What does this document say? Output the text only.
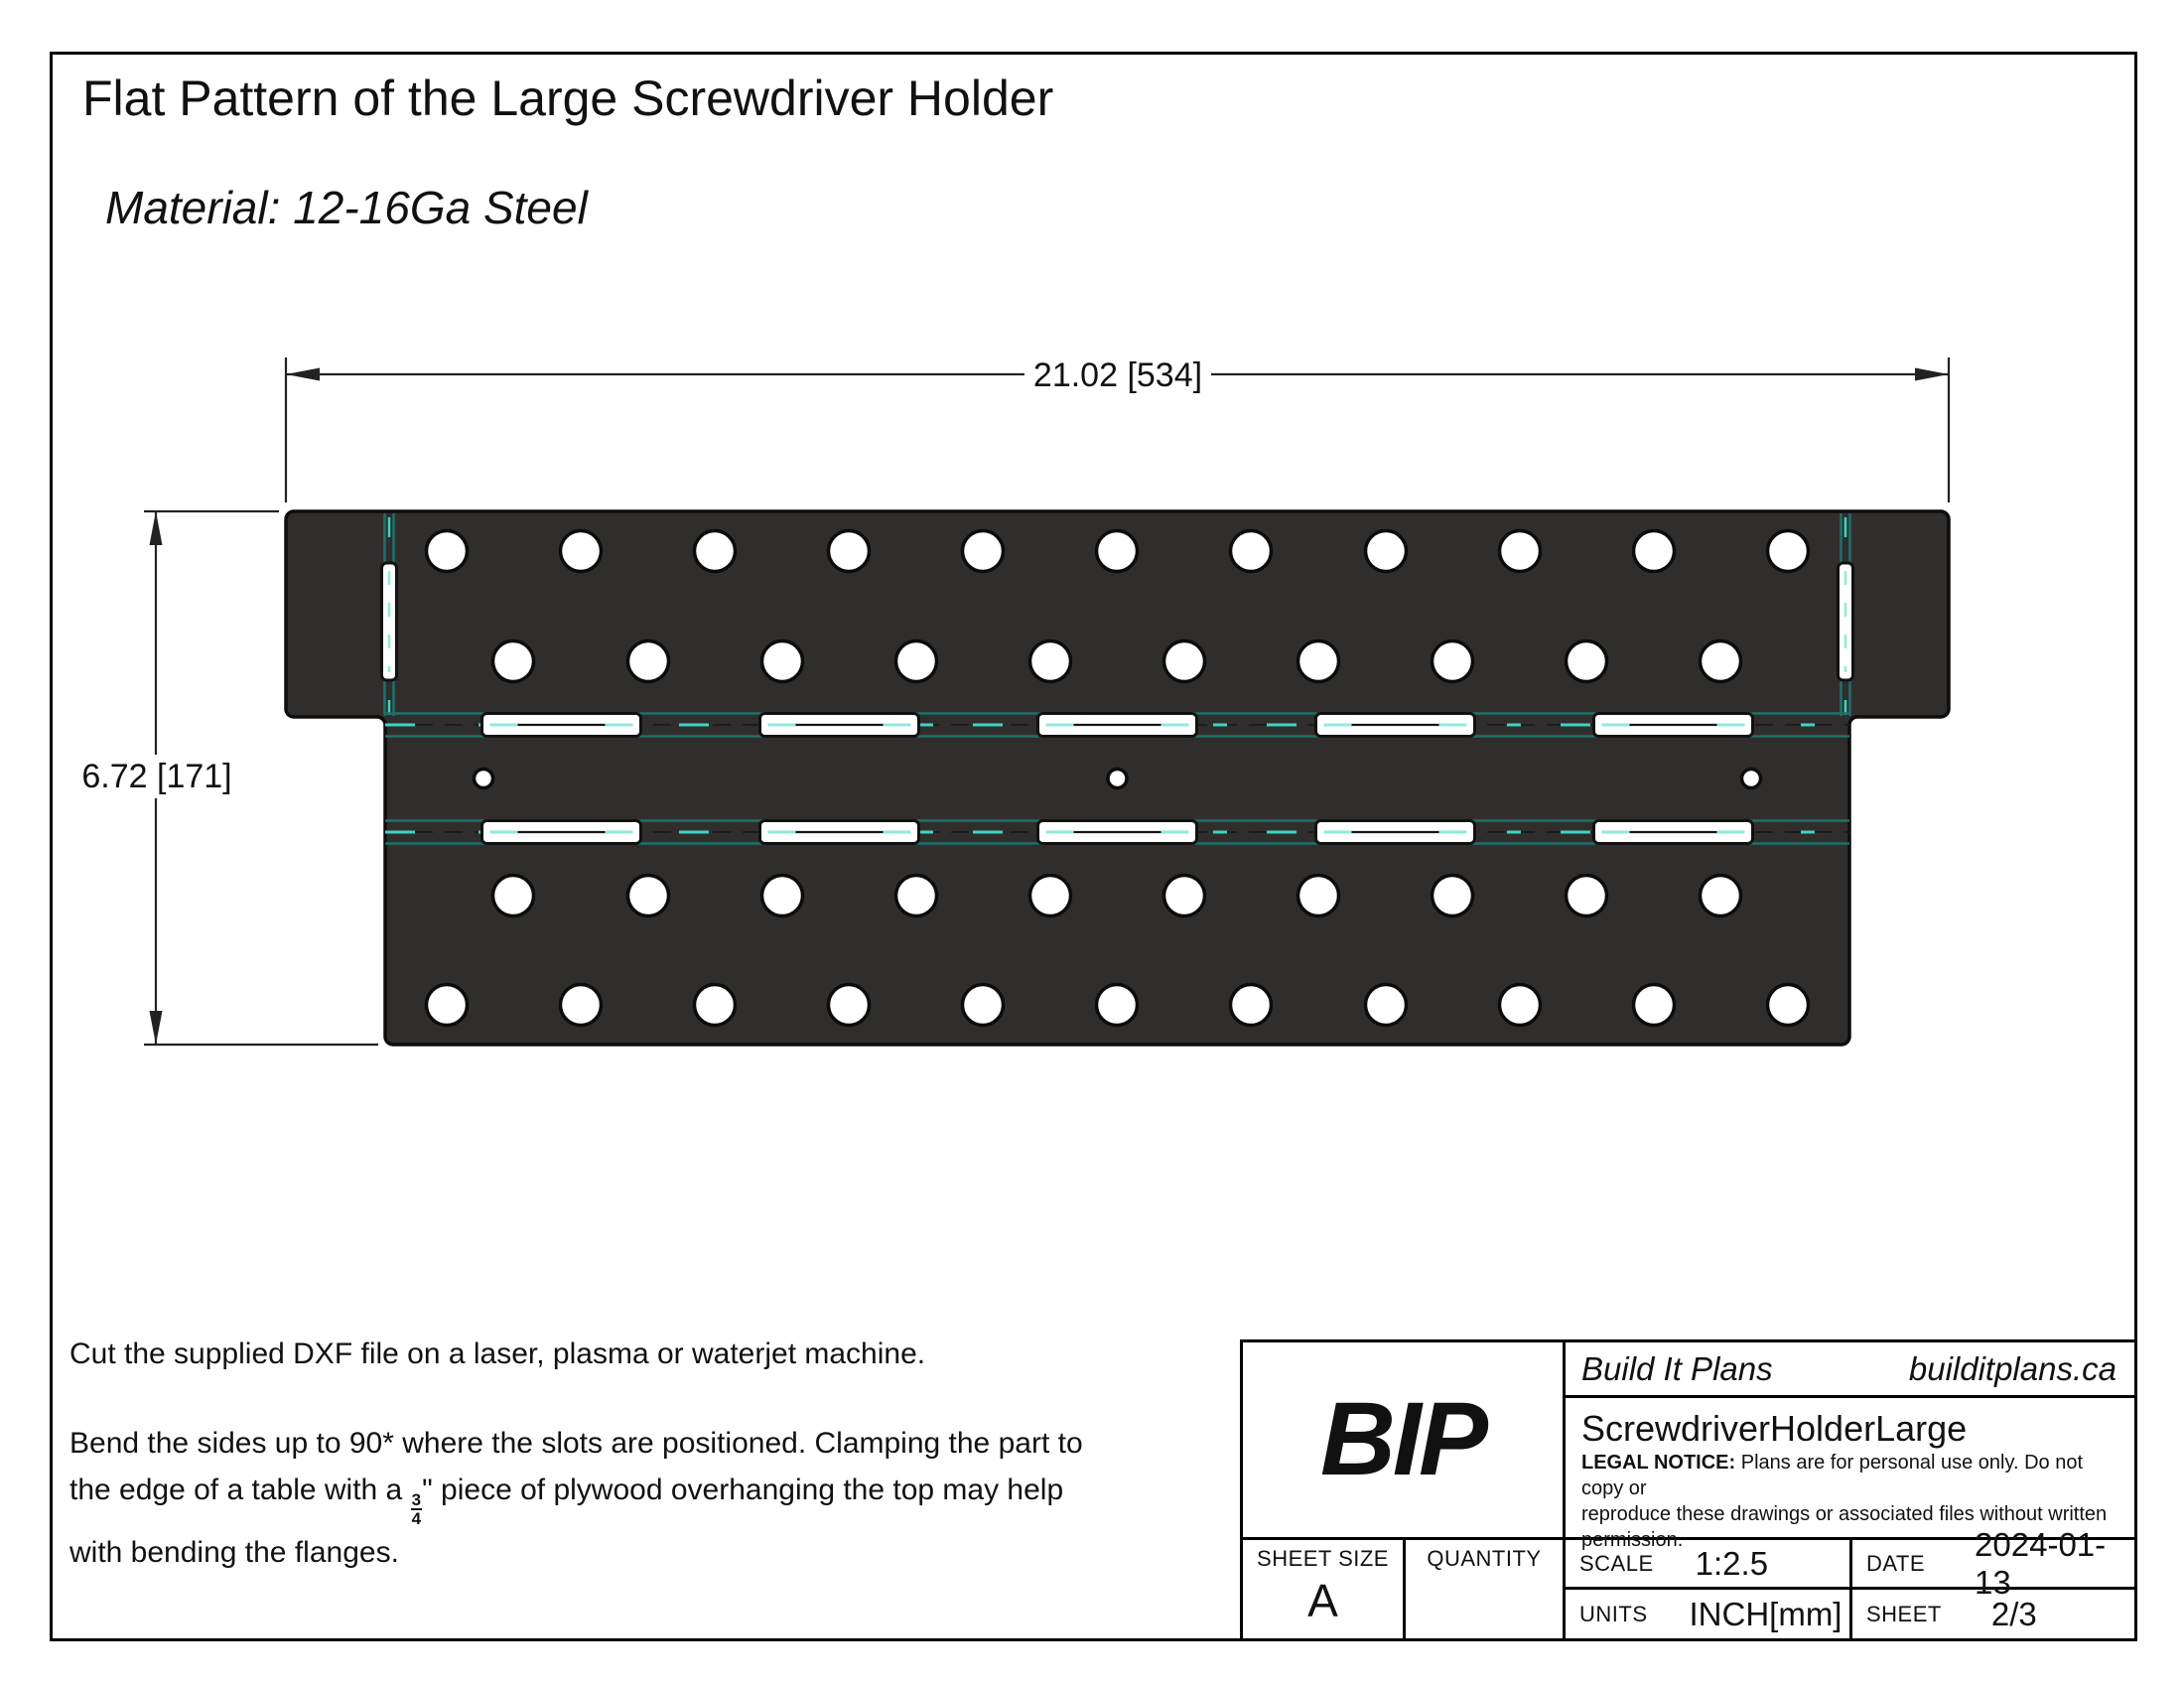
Flat Pattern of the Large Screwdriver Holder
Material: 12-16Ga Steel
21.02 [534]
6.72 [171]
Cut the supplied DXF file on a laser, plasma or waterjet machine.
Bend the sides up to 90* where the slots are positioned. Clamping the part to
the edge of a table with a
$\frac{3}{4}$
" piece of plywood overhanging the top may help
with bending the flanges.
BIP
Build It Plans	builditplans.ca
ScrewdriverHolderLarge
LEGAL NOTICE: Plans are for personal use only. Do not copy or
reproduce these drawings or associated files without written permission.
SHEET SIZE
A
QUANTITY	SCALE 1:2.5
UNITS INCH[mm]
DATE
2024-01-13
SHEET 2/3
